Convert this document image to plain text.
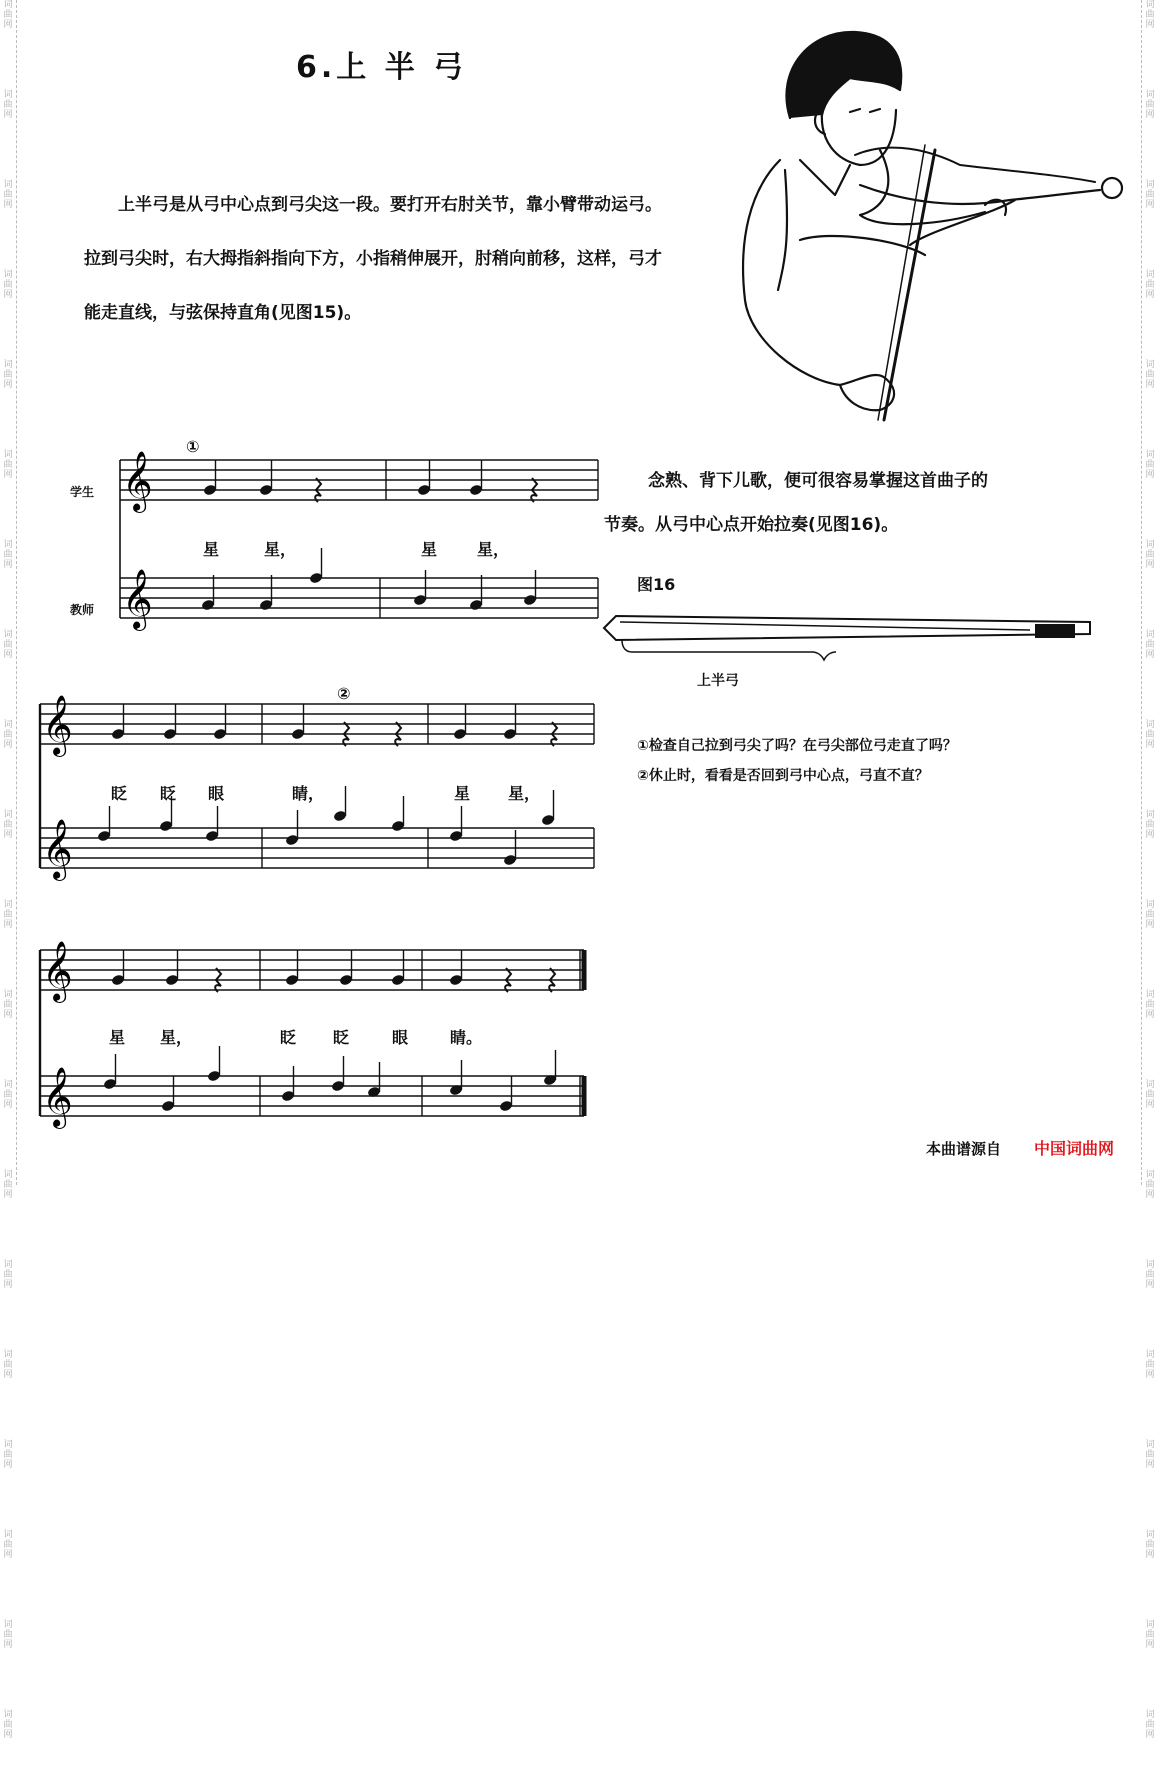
词
曲
网
词
曲
网
词
曲
网
词
曲
网
词
曲
网
词
曲
网
词
曲
网
词
曲
网
词
曲
网
词
曲
网
词
曲
网
词
曲
网
词
曲
网
词
曲
网
词
曲
网
词
曲
网
词
曲
网
词
曲
网
词
曲
网
词
曲
网
词
曲
网
词
曲
网
词
曲
网
词
曲
网
词
曲
网
词
曲
网
词
曲
网
词
曲
网
词
曲
网
词
曲
网
词
曲
网
词
曲
网
词
曲
网
词
曲
网
词
曲
网
词
曲
网
词
曲
网
词
曲
网
词
曲
网
词
曲
网
6.上 半 弓
上半弓是从弓中心点到弓尖这一段。要打开右肘关节，靠小臂带动运弓。拉到弓尖时，右大拇指斜指向下方，小指稍伸展开，肘稍向前移，这样，弓才能走直线，与弦保持直角(见图15)。
𝄞
𝄞
𝄞
𝄞
𝄞
𝄞
念熟、背下儿歌，便可很容易掌握这首曲子的
节奏。从弓中心点开始拉奏(见图16)。
图16
上半弓
①检查自己拉到弓尖了吗？在弓尖部位弓走直了吗？
②休止时，看看是否回到弓中心点，弓直不直？
学生
教师
①
②
星	星，	星 星，
眨 眨 眼	睛，	星 星，
星 星，	眨 眨	眼	睛。
本曲谱源自 中国词曲网
